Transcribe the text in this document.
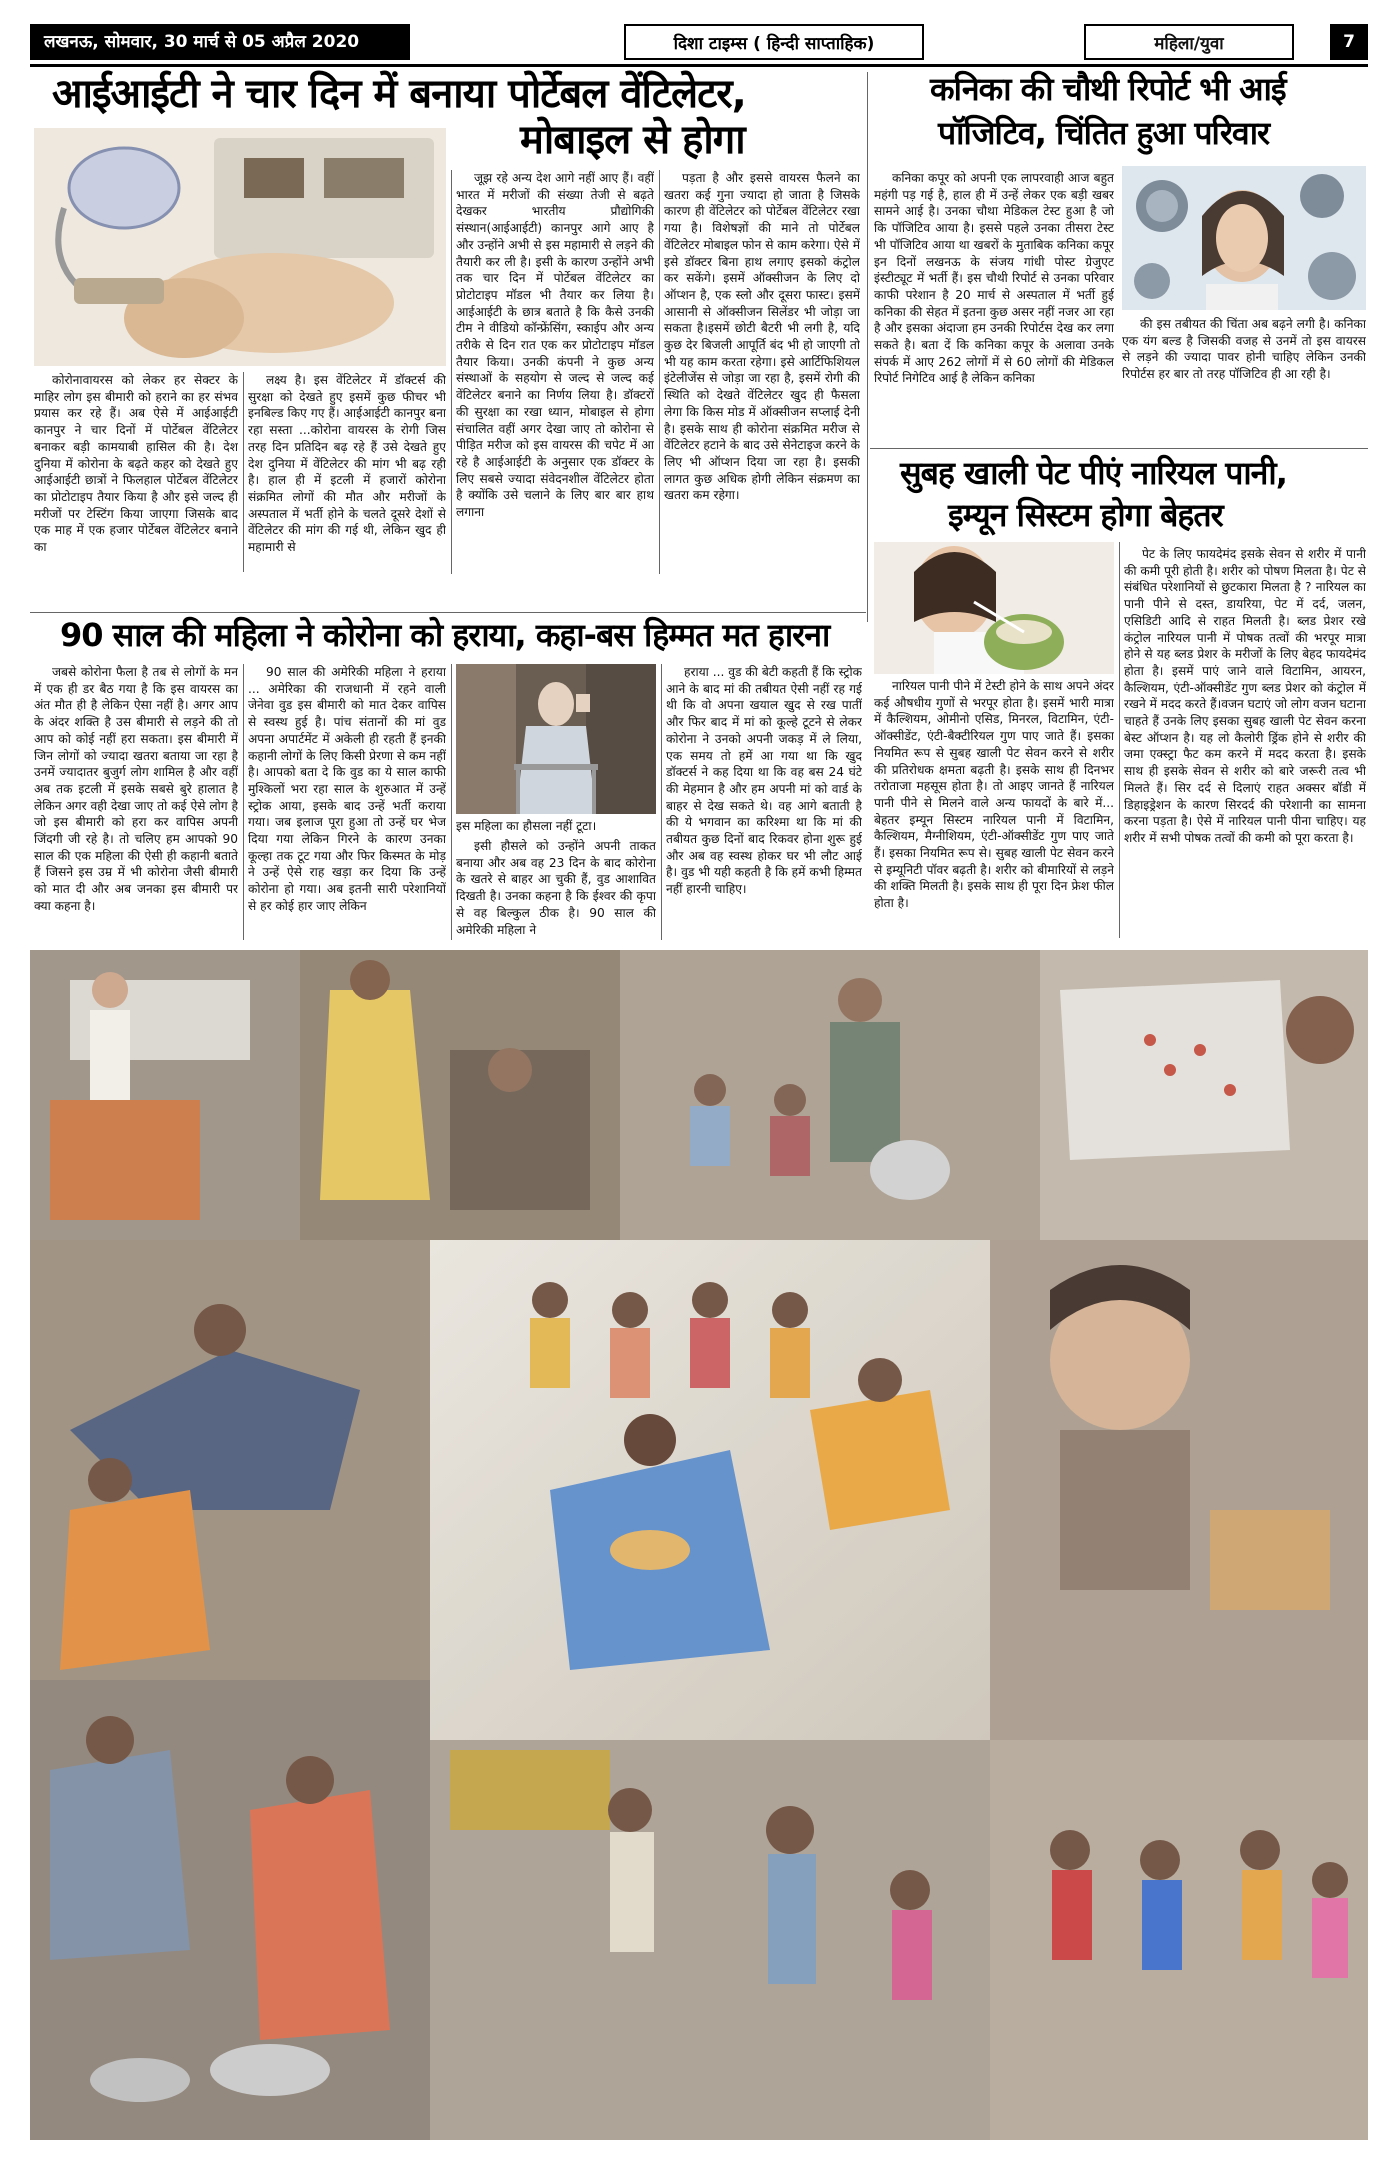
लखनऊ, सोमवार, 30 मार्च से 05 अप्रैल 2020	दिशा टाइम्स ( हिन्दी साप्ताहिक)	महिला/युवा	7
आईआईटी ने चार दिन में बनाया पोर्टेबल वेंटिलेटर,
मोबाइल से होगा

कोरोनावायरस को लेकर हर सेक्टर के माहिर लोग इस बीमारी को हराने का हर संभव प्रयास कर रहे हैं। अब ऐसे में आईआईटी कानपुर ने चार दिनों में पोर्टेबल वेंटिलेटर बनाकर बड़ी कामयाबी हासिल की है। देश दुनिया में कोरोना के बढ़ते कहर को देखते हुए आईआईटी छात्रों ने फिलहाल पोर्टेबल वेंटिलेटर का प्रोटोटाइप तैयार किया है और इसे जल्द ही मरीजों पर टेस्टिंग किया जाएगा जिसके बाद एक माह में एक हजार पोर्टेबल वेंटिलेटर बनाने का

लक्ष्य है। इस वेंटिलेटर में डॉक्टर्स की सुरक्षा को देखते हुए इसमें कुछ फीचर भी इनबिल्ड किए गए हैं। आईआईटी कानपुर बना रहा सस्ता ...कोरोना वायरस के रोगी जिस तरह दिन प्रतिदिन बढ़ रहे हैं उसे देखते हुए देश दुनिया में वेंटिलेटर की मांग भी बढ़ रही है। हाल ही में इटली में हजारों कोरोना संक्रमित लोगों की मौत और मरीजों के अस्पताल में भर्ती होने के चलते दूसरे देशों से वेंटिलेटर की मांग की गई थी, लेकिन खुद ही महामारी से

जूझ रहे अन्य देश आगे नहीं आए हैं। वहीं भारत में मरीजों की संख्या तेजी से बढ़ते देखकर भारतीय प्रौद्योगिकी संस्थान(आईआईटी) कानपुर आगे आए है और उन्होंने अभी से इस महामारी से लड़ने की तैयारी कर ली है। इसी के कारण उन्होंने अभी तक चार दिन में पोर्टेबल वेंटिलेटर का प्रोटोटाइप मॉडल भी तैयार कर लिया है। आईआईटी के छात्र बताते है कि कैसे उनकी टीम ने वीडियो कॉन्फ्रेंसिंग, स्काईप और अन्य तरीके से दिन रात एक कर प्रोटोटाइप मॉडल तैयार किया। उनकी कंपनी ने कुछ अन्य संस्थाओं के सहयोग से जल्द से जल्द कई वेंटिलेटर बनाने का निर्णय लिया है। डॉक्टरों की सुरक्षा का रखा ध्यान, मोबाइल से होगा संचालित वहीं अगर देखा जाए तो कोरोना से पीड़ित मरीज को इस वायरस की चपेट में आ रहे है आईआईटी के अनुसार एक डॉक्टर के लिए सबसे ज्यादा संवेदनशील वेंटिलेटर होता है क्योंकि उसे चलाने के लिए बार बार हाथ लगाना

पड़ता है और इससे वायरस फैलने का खतरा कई गुना ज्यादा हो जाता है जिसके कारण ही वेंटिलेटर को पोर्टेबल वेंटिलेटर रखा गया है। विशेषज्ञों की माने तो पोर्टेबल वेंटिलेटर मोबाइल फोन से काम करेगा। ऐसे में इसे डॉक्टर बिना हाथ लगाए इसको कंट्रोल कर सकेंगे। इसमें ऑक्सीजन के लिए दो ऑप्शन है, एक स्लो और दूसरा फास्ट। इसमें आसानी से ऑक्सीजन सिलेंडर भी जोड़ा जा सकता है।इसमें छोटी बैटरी भी लगी है, यदि कुछ देर बिजली आपूर्ति बंद भी हो जाएगी तो भी यह काम करता रहेगा। इसे आर्टिफिशियल इंटेलीजेंस से जोड़ा जा रहा है, इसमें रोगी की स्थिति को देखते वेंटिलेटर खुद ही फैसला लेगा कि किस मोड में ऑक्सीजन सप्लाई देनी है। इसके साथ ही कोरोना संक्रमित मरीज से वेंटिलेटर हटाने के बाद उसे सेनेटाइज करने के लिए भी ऑप्शन दिया जा रहा है। इसकी लागत कुछ अधिक होगी लेकिन संक्रमण का खतरा कम रहेगा।

कनिका की चौथी रिपोर्ट भी आई
पॉजिटिव, चिंतित हुआ परिवार

कनिका कपूर को अपनी एक लापरवाही आज बहुत महंगी पड़ गई है, हाल ही में उन्हें लेकर एक बड़ी खबर सामने आई है। उनका चौथा मेडिकल टेस्ट हुआ है जो कि पॉजिटिव आया है। इससे पहले उनका तीसरा टेस्ट भी पॉजिटिव आया था खबरों के मुताबिक कनिका कपूर इन दिनों लखनऊ के संजय गांधी पोस्ट ग्रेजुएट इंस्टीट्यूट में भर्ती हैं। इस चौथी रिपोर्ट से उनका परिवार काफी परेशान है 20 मार्च से अस्पताल में भर्ती हुई कनिका की सेहत में इतना कुछ असर नहीं नजर आ रहा है और इसका अंदाजा हम उनकी रिपोर्टस देख कर लगा सकते है। बता दें कि कनिका कपूर के अलावा उनके संपर्क में आए 262 लोगों में से 60 लोगों की मेडिकल रिपोर्ट निगेटिव आई है लेकिन कनिका

की इस तबीयत की चिंता अब बढ़ने लगी है। कनिका एक यंग बल्ड है जिसकी वजह से उनमें तो इस वायरस से लड़ने की ज्यादा पावर होनी चाहिए लेकिन उनकी रिपोर्टस हर बार तो तरह पॉजिटिव ही आ रही है।

सुबह खाली पेट पीएं नारियल पानी,
इम्यून सिस्टम होगा बेहतर

नारियल पानी पीने में टेस्टी होने के साथ अपने अंदर कई औषधीय गुणों से भरपूर होता है। इसमें भारी मात्रा में कैल्शियम, ओमीनो एसिड, मिनरल, विटामिन, एंटी-ऑक्सीडेंट, एंटी-बैक्टीरियल गुण पाए जाते हैं। इसका नियमित रूप से सुबह खाली पेट सेवन करने से शरीर की प्रतिरोधक क्षमता बढ़ती है। इसके साथ ही दिनभर तरोताजा महसूस होता है। तो आइए जानते हैं नारियल पानी पीने से मिलने वाले अन्य फायदों के बारे में... बेहतर इम्यून सिस्टम नारियल पानी में विटामिन, कैल्शियम, मैग्नीशियम, एंटी-ऑक्सीडेंट गुण पाए जाते हैं। इसका नियमित रूप से। सुबह खाली पेट सेवन करने से इम्यूनिटी पॉवर बढ़ती है। शरीर को बीमारियों से लड़ने की शक्ति मिलती है। इसके साथ ही पूरा दिन फ्रेश फील होता है।

पेट के लिए फायदेमंद इसके सेवन से शरीर में पानी की कमी पूरी होती है। शरीर को पोषण मिलता है। पेट से संबंधित परेशानियों से छुटकारा मिलता है ? नारियल का पानी पीने से दस्त, डायरिया, पेट में दर्द, जलन, एसिडिटी आदि से राहत मिलती है। ब्लड प्रेशर रखे कंट्रोल नारियल पानी में पोषक तत्वों की भरपूर मात्रा होने से यह ब्लड प्रेशर के मरीजों के लिए बेहद फायदेमंद होता है। इसमें पाएं जाने वाले विटामिन, आयरन, कैल्शियम, एंटी-ऑक्सीडेंट गुण ब्लड प्रेशर को कंट्रोल में रखने में मदद करते हैं।वजन घटाएं जो लोग वजन घटाना चाहते हैं उनके लिए इसका सुबह खाली पेट सेवन करना बेस्ट ऑप्शन है। यह लो कैलोरी ड्रिंक होने से शरीर की जमा एक्स्ट्रा फैट कम करने में मदद करता है। इसके साथ ही इसके सेवन से शरीर को बारे जरूरी तत्व भी मिलते हैं। सिर दर्द से दिलाएं राहत अक्सर बॉडी में डिहाइड्रेशन के कारण सिरदर्द की परेशानी का सामना करना पड़ता है। ऐसे में नारियल पानी पीना चाहिए। यह शरीर में सभी पोषक तत्वों की कमी को पूरा करता है।

90 साल की महिला ने कोरोना को हराया, कहा-बस हिम्मत मत हारना

जबसे कोरोना फैला है तब से लोगों के मन में एक ही डर बैठ गया है कि इस वायरस का अंत मौत ही है लेकिन ऐसा नहीं है। अगर आप के अंदर शक्ति है उस बीमारी से लड़ने की तो आप को कोई नहीं हरा सकता। इस बीमारी में जिन लोगों को ज्यादा खतरा बताया जा रहा है उनमें ज्यादातर बुजुर्ग लोग शामिल है और वहीं अब तक इटली में इसके सबसे बुरे हालात है लेकिन अगर वही देखा जाए तो कई ऐसे लोग है जो इस बीमारी को हरा कर वापिस अपनी जिंदगी जी रहे है। तो चलिए हम आपको 90 साल की एक महिला की ऐसी ही कहानी बताते हैं जिसने इस उम्र में भी कोरोना जैसी बीमारी को मात दी और अब जनका इस बीमारी पर क्या कहना है।

90 साल की अमेरिकी महिला ने हराया ... अमेरिका की राजधानी में रहने वाली जेनेवा वुड इस बीमारी को मात देकर वापिस से स्वस्थ हुई है। पांच संतानों की मां वुड अपना अपार्टमेंट में अकेली ही रहती हैं इनकी कहानी लोगों के लिए किसी प्रेरणा से कम नहीं है। आपको बता दे कि वुड का ये साल काफी मुश्किलों भरा रहा साल के शुरुआत में उन्हें स्ट्रोक आया, इसके बाद उन्हें भर्ती कराया गया। जब इलाज पूरा हुआ तो उन्हें घर भेज दिया गया लेकिन गिरने के कारण उनका कूल्हा तक टूट गया और फिर किस्मत के मोड़ ने उन्हें ऐसे राह खड़ा कर दिया कि उन्हें कोरोना हो गया। अब इतनी सारी परेशानियों से हर कोई हार जाए लेकिन

इस महिला का हौसला नहीं टूटा।

इसी हौसले को उन्होंने अपनी ताकत बनाया और अब वह 23 दिन के बाद कोरोना के खतरे से बाहर आ चुकी हैं, वुड आशावित दिखती है। उनका कहना है कि ईश्वर की कृपा से वह बिल्कुल ठीक है। 90 साल की अमेरिकी महिला ने

हराया ... वुड की बेटी कहती हैं कि स्ट्रोक आने के बाद मां की तबीयत ऐसी नहीं रह गई थी कि वो अपना खयाल खुद से रख पातीं और फिर बाद में मां को कूल्हे टूटने से लेकर कोरोना ने उनको अपनी जकड़ में ले लिया, एक समय तो हमें आ गया था कि खुद डॉक्टर्स ने कह दिया था कि वह बस 24 घंटे की मेहमान है और हम अपनी मां को वार्ड के बाहर से देख सकते थे। वह आगे बताती है की ये भगवान का करिश्मा था कि मां की तबीयत कुछ दिनों बाद रिकवर होना शुरू हुई और अब वह स्वस्थ होकर घर भी लौट आई है। वुड भी यही कहती है कि हमें कभी हिम्मत नहीं हारनी चाहिए।
